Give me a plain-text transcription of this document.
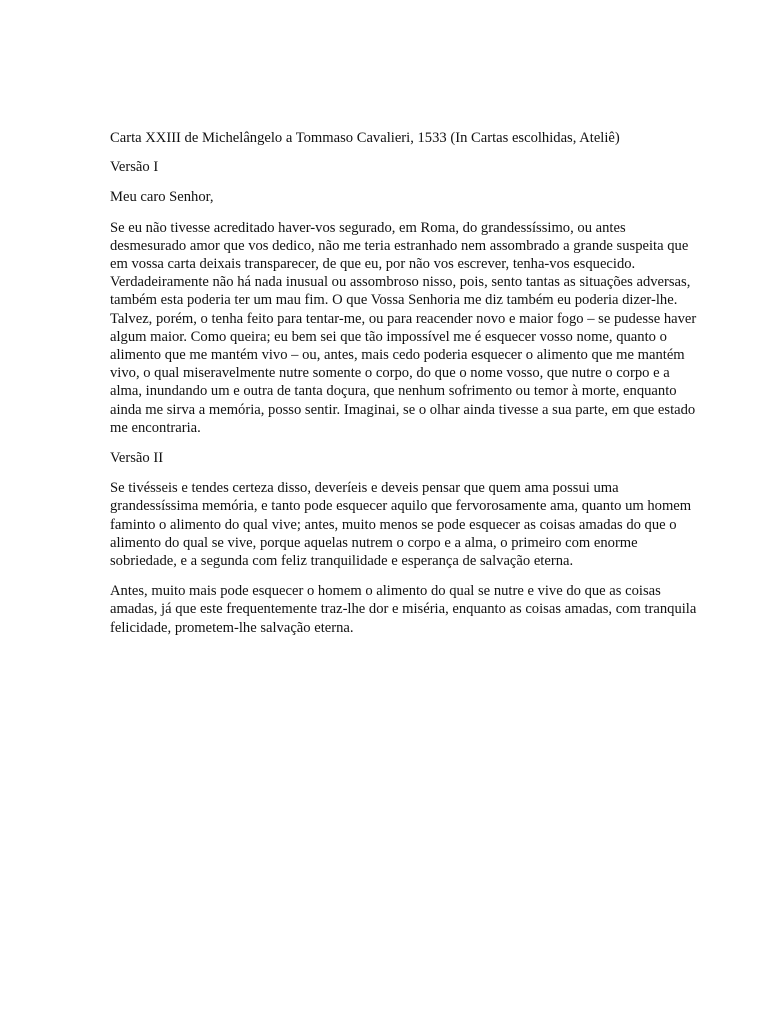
Carta XXIII de Michelângelo a Tommaso Cavalieri, 1533 (In Cartas escolhidas, Ateliê)

Versão I

Meu caro Senhor,

Se eu não tivesse acreditado haver-vos segurado, em Roma, do grandessíssimo, ou antes desmesurado amor que vos dedico, não me teria estranhado nem assombrado a grande suspeita que em vossa carta deixais transparecer, de que eu, por não vos escrever, tenha-vos esquecido. Verdadeiramente não há nada inusual ou assombroso nisso, pois, sento tantas as situações adversas, também esta poderia ter um mau fim. O que Vossa Senhoria me diz também eu poderia dizer-lhe. Talvez, porém, o tenha feito para tentar-me, ou para reacender novo e maior fogo – se pudesse haver algum maior. Como queira; eu bem sei que tão impossível me é esquecer vosso nome, quanto o alimento que me mantém vivo – ou, antes, mais cedo poderia esquecer o alimento que me mantém vivo, o qual miseravelmente nutre somente o corpo, do que o nome vosso, que nutre o corpo e a alma, inundando um e outra de tanta doçura, que nenhum sofrimento ou temor à morte, enquanto ainda me sirva a memória, posso sentir. Imaginai, se o olhar ainda tivesse a sua parte, em que estado me encontraria.

Versão II

Se tivésseis e tendes certeza disso, deveríeis e deveis pensar que quem ama possui uma grandessíssima memória, e tanto pode esquecer aquilo que fervorosamente ama, quanto um homem faminto o alimento do qual vive; antes, muito menos se pode esquecer as coisas amadas do que o alimento do qual se vive, porque aquelas nutrem o corpo e a alma, o primeiro com enorme sobriedade, e a segunda com feliz tranquilidade e esperança de salvação eterna.

Antes, muito mais pode esquecer o homem o alimento do qual se nutre e vive do que as coisas amadas, já que este frequentemente traz-lhe dor e miséria, enquanto as coisas amadas, com tranquila felicidade, prometem-lhe salvação eterna.
